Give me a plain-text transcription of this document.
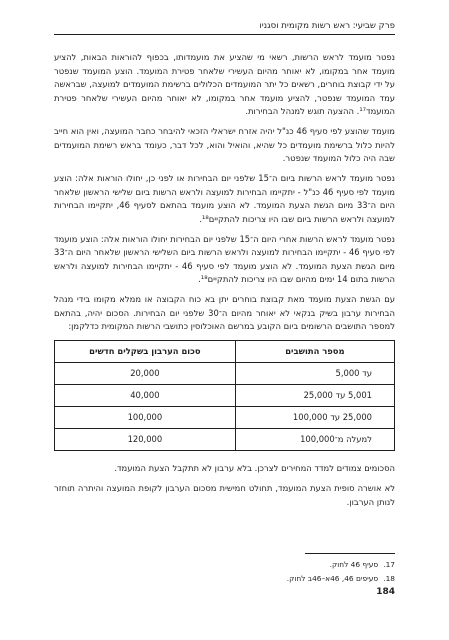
פרק שביעי: ראש רשות מקומית וסגניו

נפטר מועמד לראש הרשות, רשאי מי שהציע את מועמדותו, בכפוף להוראות הבאות, להציע מועמד אחר במקומו, לא יאוחר מהיום העשירי שלאחר פטירת המועמד. הוצע המועמד שנפטר על ידי קבוצת בוחרים, רשאים כל יתר המועמדים הכלולים ברשימת המועמדים למועצה, שבראשה עמד המועמד שנפטר, להציע מועמד אחר במקומו, לא יאוחר מהיום העשירי שלאחר פטירת המועמד¹⁷. ההצעה תוגש למנהל הבחירות.

מועמד שהוצע לפי סעיף 46 כנ"ל יהיה אזרח ישראלי הזכאי להיבחר כחבר המועצה, ואין הוא חייב להיות כלול ברשימת מועמדים כל שהיא, והואיל והוא, לכל דבר, כעומד בראש רשימת המועמדים שבה היה כלול המועמד שנפטר.

נפטר מועמד לראש הרשות ביום ה־15 שלפני יום הבחירות או לפני כן, יחולו הוראות אלה: הוצע מועמד לפי סעיף 46 כנ"ל - יתקיימו הבחירות למועצה ולראש הרשות ביום שלישי הראשון שלאחר היום ה־33 מיום הגשת הצעת המועמד. לא הוצע מועמד בהתאם לסעיף 46, יתקיימו הבחירות למועצה ולראש הרשות ביום שבו היו צריכות להתקיים¹⁸.

נפטר מועמד לראש הרשות אחרי היום ה־15 שלפני יום הבחירות יחולו הוראות אלה: הוצע מועמד לפי סעיף 46 - יתקיימו הבחירות למועצה ולראש הרשות ביום השלישי הראשון שלאחר היום ה־33 מיום הגשת הצעת המועמד. לא הוצע מועמד לפי סעיף 46 - יתקיימו הבחירות למועצה ולראש הרשות בתום 14 ימים מהיום שבו היו צריכות להתקיים¹⁸.

עם הגשת הצעת מועמד מאת קבוצת בוחרים יתן בא כוח הקבוצה או ממלא מקומו בידי מנהל הבחירות ערבון בשיק בנקאי לא יאוחר מהיום ה־30 שלפני יום הבחירות. הסכום יהיה, בהתאם למספר התושבים הרשומים ביום הקובע במרשם האוכלוסין כתושבי הרשות המקומית כדלקמן:

מספר התושבים	סכום הערבון בשקלים חדשים
עד 5,000	20,000
5,001 עד 25,000	40,000
25,000 עד 100,000	100,000
למעלה מ־100,000	120,000

הסכומים צמודים למדד המחירים לצרכן. בלא ערבון לא תתקבל הצעת המועמד.

לא אושרה סופית הצעת המועמד, תחולט חמישית מסכום הערבון לקופת המועצה והיתרה תוחזר לנותן הערבון.

17.
סעיף 46 לחוק.
18.
סעיפים 46, 46א–46ב לחוק.
184
